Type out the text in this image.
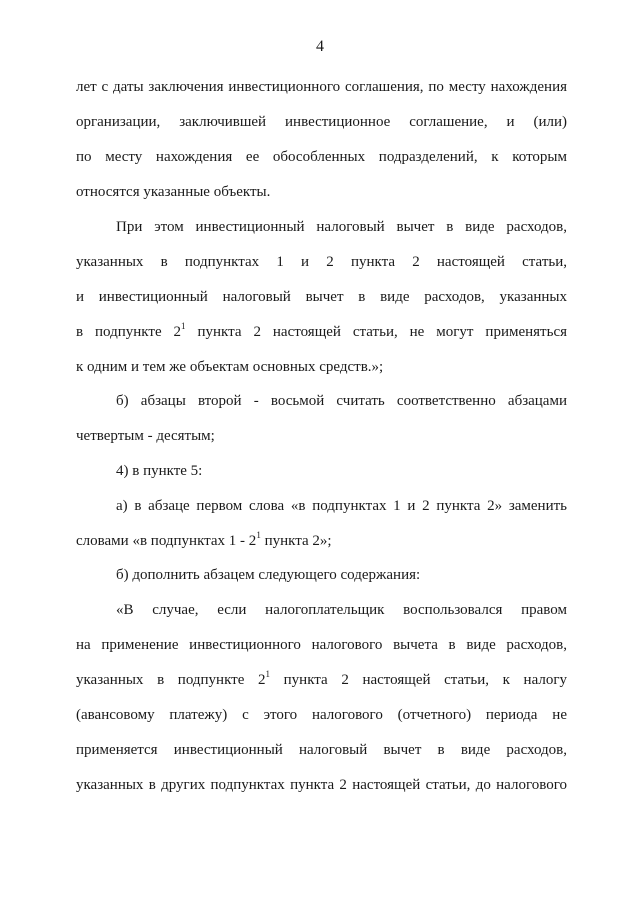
4
лет с даты заключения инвестиционного соглашения, по месту нахождения
организации, заключившей инвестиционное соглашение, и (или)
по месту нахождения ее обособленных подразделений, к которым
относятся указанные объекты.
При этом инвестиционный налоговый вычет в виде расходов,
указанных в подпунктах 1 и 2 пункта 2 настоящей статьи,
и инвестиционный налоговый вычет в виде расходов, указанных
в подпункте $2^1$ пункта 2 настоящей статьи, не могут применяться
к одним и тем же объектам основных средств.»;
б) абзацы второй - восьмой считать соответственно абзацами
четвертым - десятым;
4) в пункте 5:
а) в абзаце первом слова «в подпунктах 1 и 2 пункта 2» заменить
словами «в подпунктах $1 - 2^1$ пункта 2»;
б) дополнить абзацем следующего содержания:
«В случае, если налогоплательщик воспользовался правом
на применение инвестиционного налогового вычета в виде расходов,
указанных в подпункте $2^1$ пункта 2 настоящей статьи, к налогу
(авансовому платежу) с этого налогового (отчетного) периода не
применяется инвестиционный налоговый вычет в виде расходов,
указанных в других подпунктах пункта 2 настоящей статьи, до налогового
